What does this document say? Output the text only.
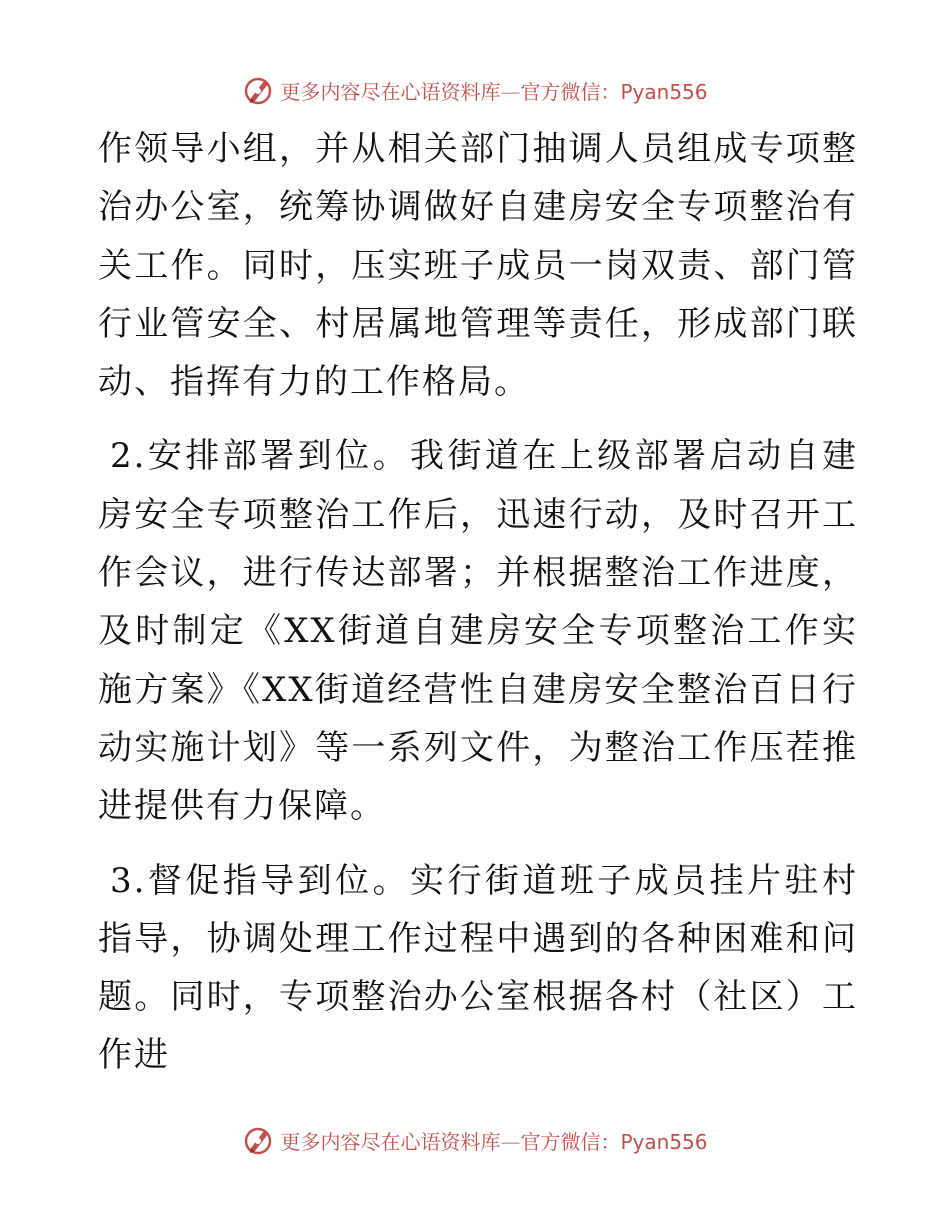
更多内容尽在心语资料库—官方微信：Pyan556

作领导小组，并从相关部门抽调人员组成专项整治办公室，统筹协调做好自建房安全专项整治有关工作。同时，压实班子成员一岗双责、部门管行业管安全、村居属地管理等责任，形成部门联动、指挥有力的工作格局。

2.安排部署到位。我街道在上级部署启动自建房安全专项整治工作后，迅速行动，及时召开工作会议，进行传达部署；并根据整治工作进度，及时制定《XX街道自建房安全专项整治工作实施方案》《XX街道经营性自建房安全整治百日行动实施计划》等一系列文件，为整治工作压茬推进提供有力保障。

3.督促指导到位。实行街道班子成员挂片驻村指导，协调处理工作过程中遇到的各种困难和问题。同时，专项整治办公室根据各村（社区）工作进

更多内容尽在心语资料库—官方微信：Pyan556
